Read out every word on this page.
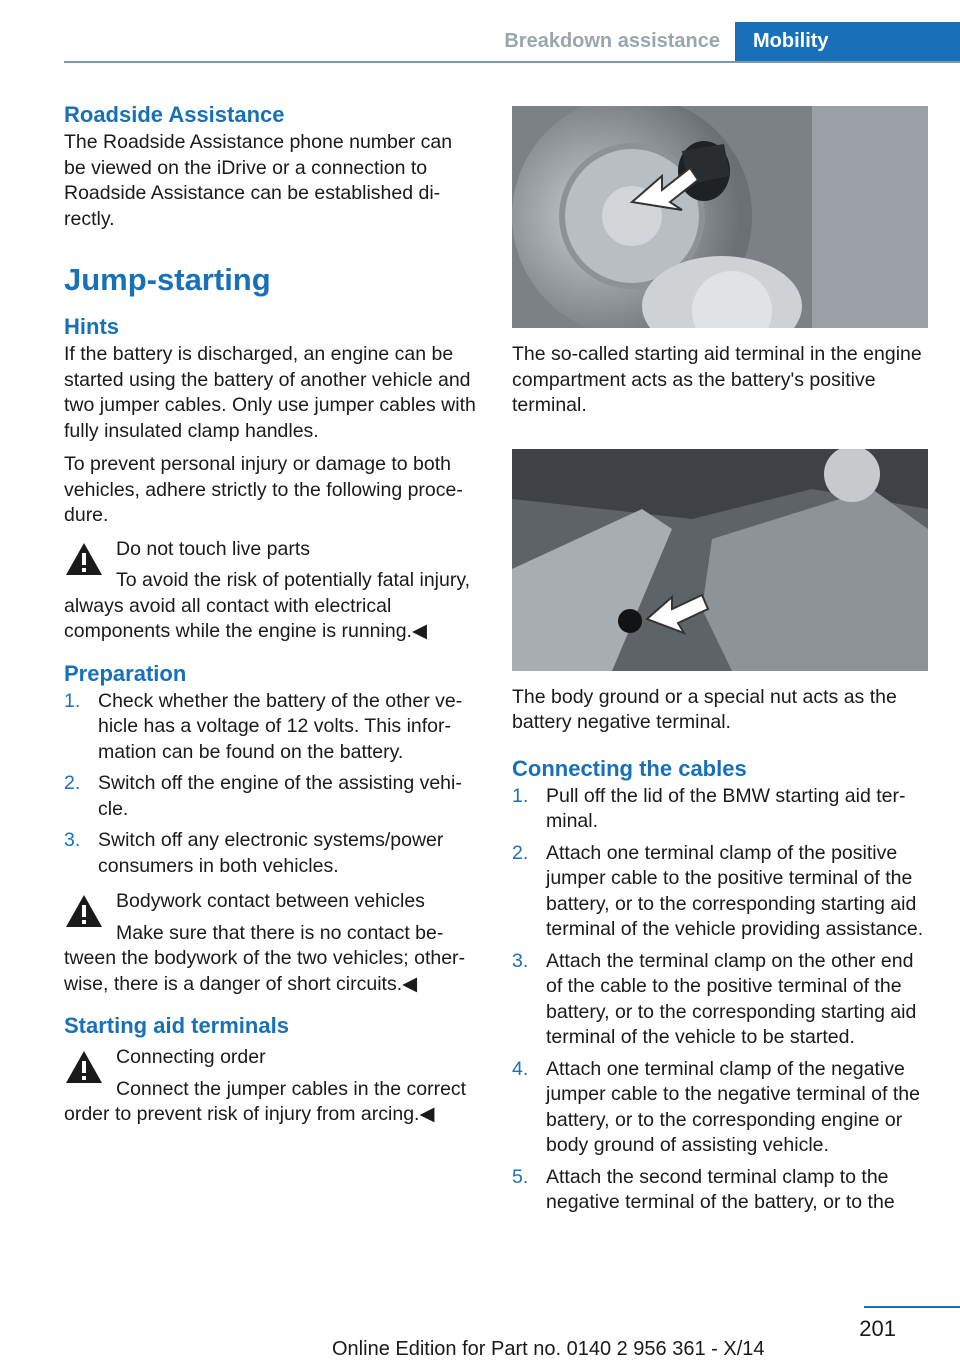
Breakdown assistance	Mobility
Roadside Assistance

The Roadside Assistance phone number can be viewed on the iDrive or a connection to Roadside Assistance can be established directly.

Jump-starting
Hints

If the battery is discharged, an engine can be started using the battery of another vehicle and two jumper cables. Only use jumper cables with fully insulated clamp handles.

To prevent personal injury or damage to both vehicles, adhere strictly to the following procedure.

Do not touch live parts
To avoid the risk of potentially fatal injury, always avoid all contact with electrical components while the engine is running.◀
Preparation
1. Check whether the battery of the other vehicle has a voltage of 12 volts. This information can be found on the battery.
2. Switch off the engine of the assisting vehicle.
3. Switch off any electronic systems/power consumers in both vehicles.
Bodywork contact between vehicles
Make sure that there is no contact between the bodywork of the two vehicles; otherwise, there is a danger of short circuits.◀
Starting aid terminals
Connecting order
Connect the jumper cables in the correct order to prevent risk of injury from arcing.◀

The so-called starting aid terminal in the engine compartment acts as the battery's positive terminal.

The body ground or a special nut acts as the battery negative terminal.

Connecting the cables
1. Pull off the lid of the BMW starting aid terminal.
2. Attach one terminal clamp of the positive jumper cable to the positive terminal of the battery, or to the corresponding starting aid terminal of the vehicle providing assistance.
3. Attach the terminal clamp on the other end of the cable to the positive terminal of the battery, or to the corresponding starting aid terminal of the vehicle to be started.
4. Attach one terminal clamp of the negative jumper cable to the negative terminal of the battery, or to the corresponding engine or body ground of assisting vehicle.
5. Attach the second terminal clamp to the negative terminal of the battery, or to the
201
Online Edition for Part no. 0140 2 956 361 - X/14
